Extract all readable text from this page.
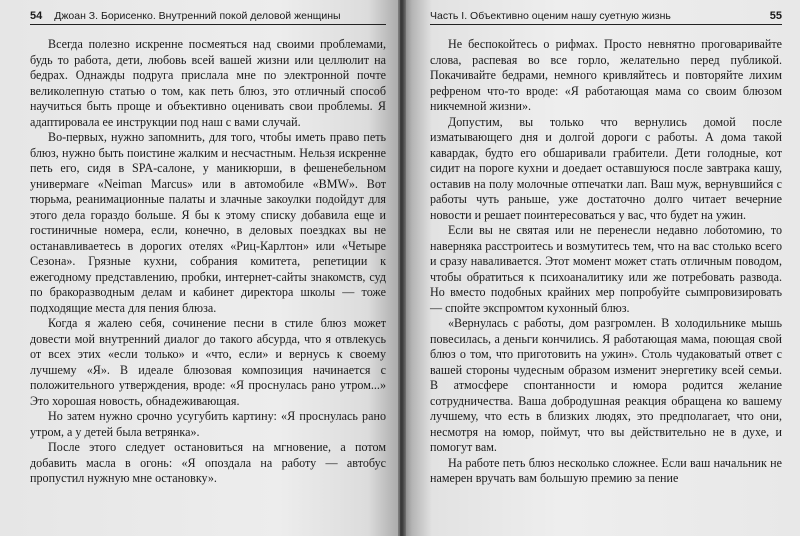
54 Джоан З. Борисенко. Внутренний покой деловой женщины

Всегда полезно искренне посмеяться над своими проблемами, будь то работа, дети, любовь всей вашей жизни или целлюлит на бедрах. Однажды подруга прислала мне по электронной почте великолепную статью о том, как петь блюз, это отличный способ научиться быть проще и объективно оценивать свои проблемы. Я адаптировала ее инструкции под наш с вами случай.

Во-первых, нужно запомнить, для того, чтобы иметь право петь блюз, нужно быть поистине жалким и несчастным. Нельзя искренне петь его, сидя в SPA-салоне, у маникюрши, в фешенебельном универмаге «Neiman Marcus» или в автомобиле «BMW». Вот тюрьма, реанимационные палаты и злачные закоулки подойдут для этого дела гораздо больше. Я бы к этому списку добавила еще и гостиничные номера, если, конечно, в деловых поездках вы не останавливаетесь в дорогих отелях «Риц-Карлтон» или «Четыре Сезона». Грязные кухни, собрания комитета, репетиции к ежегодному представлению, пробки, интернет-сайты знакомств, суд по бракоразводным делам и кабинет директора школы — тоже подходящие места для пения блюза.

Когда я жалею себя, сочинение песни в стиле блюз может довести мой внутренний диалог до такого абсурда, что я отвлекусь от всех этих «если только» и «что, если» и вернусь к своему лучшему «Я». В идеале блюзовая композиция начинается с положительного утверждения, вроде: «Я проснулась рано утром...» Это хорошая новость, обнадеживающая.

Но затем нужно срочно усугубить картину: «Я проснулась рано утром, а у детей была ветрянка».

После этого следует остановиться на мгновение, а потом добавить масла в огонь: «Я опоздала на работу — автобус пропустил нужную мне остановку».

Часть I. Объективно оценим нашу суетную жизнь	55

Не беспокойтесь о рифмах. Просто невнятно проговаривайте слова, распевая во все горло, желательно перед публикой. Покачивайте бедрами, немного кривляйтесь и повторяйте лихим рефреном что-то вроде: «Я работающая мама со своим блюзом никчемной жизни».

Допустим, вы только что вернулись домой после изматывающего дня и долгой дороги с работы. А дома такой кавардак, будто его обшаривали грабители. Дети голодные, кот сидит на пороге кухни и доедает оставшуюся после завтрака кашу, оставив на полу молочные отпечатки лап. Ваш муж, вернувшийся с работы чуть раньше, уже достаточно долго читает вечерние новости и решает поинтересоваться у вас, что будет на ужин.

Если вы не святая или не перенесли недавно лоботомию, то наверняка расстроитесь и возмутитесь тем, что на вас столько всего и сразу наваливается. Этот момент может стать отличным поводом, чтобы обратиться к психоаналитику или же потребовать развода. Но вместо подобных крайних мер попробуйте сымпровизировать — спойте экспромтом кухонный блюз.

«Вернулась с работы, дом разгромлен. В холодильнике мышь повесилась, а деньги кончились. Я работающая мама, поющая свой блюз о том, что приготовить на ужин». Столь чудаковатый ответ с вашей стороны чудесным образом изменит энергетику всей семьи. В атмосфере спонтанности и юмора родится желание сотрудничества. Ваша добродушная реакция обращена ко вашему лучшему, что есть в близких людях, это предполагает, что они, несмотря на юмор, поймут, что вы действительно не в духе, и помогут вам.

На работе петь блюз несколько сложнее. Если ваш начальник не намерен вручать вам большую премию за пение
